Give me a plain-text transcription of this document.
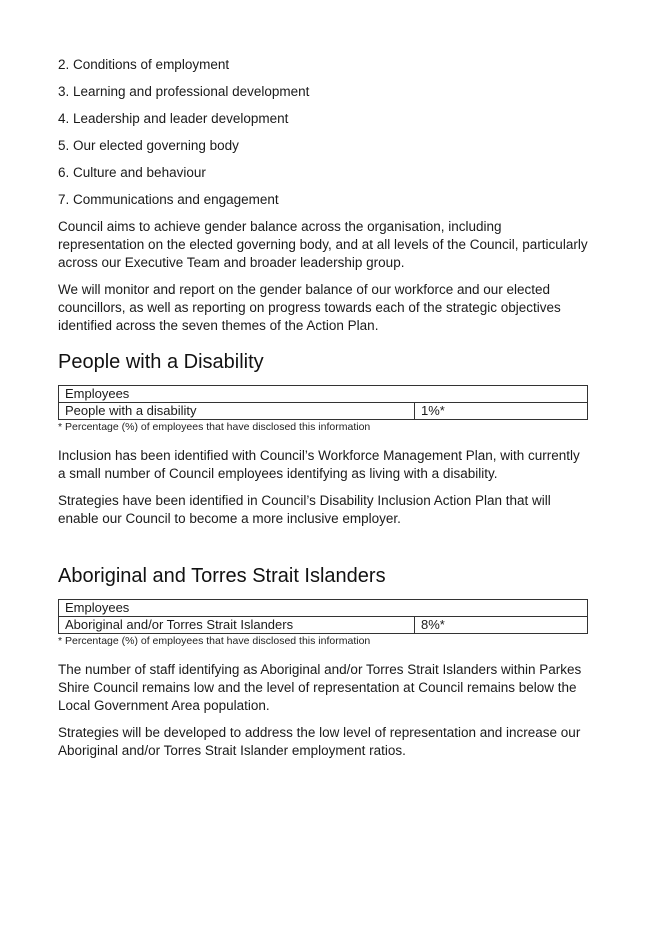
2. Conditions of employment
3. Learning and professional development
4. Leadership and leader development
5. Our elected governing body
6. Culture and behaviour
7. Communications and engagement

Council aims to achieve gender balance across the organisation, including representation on the elected governing body, and at all levels of the Council, particularly across our Executive Team and broader leadership group.

We will monitor and report on the gender balance of our workforce and our elected councillors, as well as reporting on progress towards each of the strategic objectives identified across the seven themes of the Action Plan.

People with a Disability
Employees
People with a disability	1%*
* Percentage (%) of employees that have disclosed this information

Inclusion has been identified with Council’s Workforce Management Plan, with currently a small number of Council employees identifying as living with a disability.

Strategies have been identified in Council’s Disability Inclusion Action Plan that will enable our Council to become a more inclusive employer.

Aboriginal and Torres Strait Islanders
Employees
Aboriginal and/or Torres Strait Islanders	8%*
* Percentage (%) of employees that have disclosed this information

The number of staff identifying as Aboriginal and/or Torres Strait Islanders within Parkes Shire Council remains low and the level of representation at Council remains below the Local Government Area population.

Strategies will be developed to address the low level of representation and increase our Aboriginal and/or Torres Strait Islander employment ratios.
